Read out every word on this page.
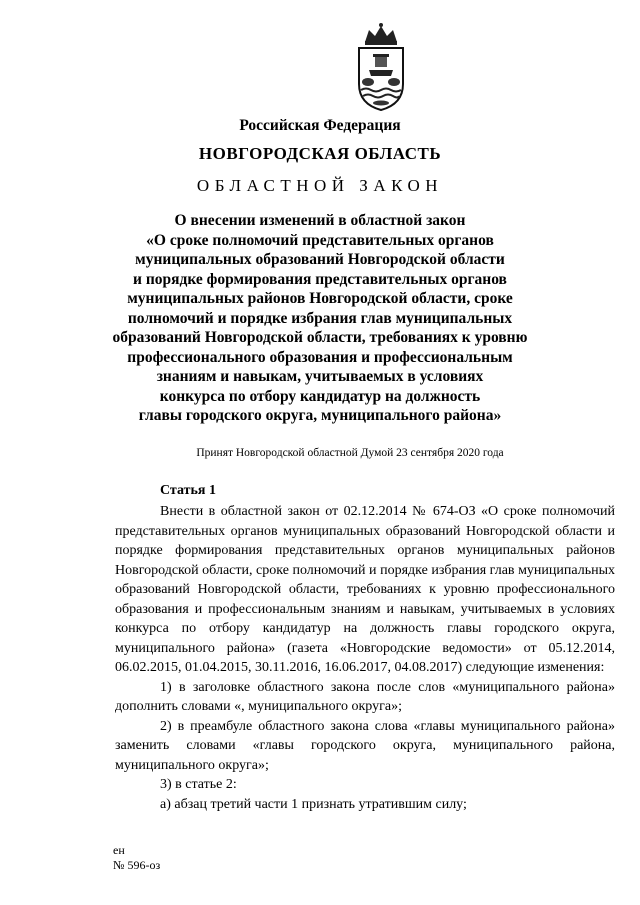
Российская Федерация
НОВГОРОДСКАЯ ОБЛАСТЬ
ОБЛАСТНОЙ ЗАКОН
О внесении изменений в областной закон
«О сроке полномочий представительных органов
муниципальных образований Новгородской области
и порядке формирования представительных органов
муниципальных районов Новгородской области, сроке
полномочий и порядке избрания глав муниципальных
образований Новгородской области, требованиях к уровню
профессионального образования и профессиональным
знаниям и навыкам, учитываемых в условиях
конкурса по отбору кандидатур на должность
главы городского округа, муниципального района»
Принят Новгородской областной Думой 23 сентября 2020 года
Статья 1

Внести в областной закон от 02.12.2014 № 674-ОЗ «О сроке полномочий представительных органов муниципальных образований Новгородской области и порядке формирования представительных органов муниципальных районов Новгородской области, сроке полномочий и порядке избрания глав муниципальных образований Новгородской области, требованиях к уровню профессионального образования и профессиональным знаниям и навыкам, учитываемых в условиях конкурса по отбору кандидатур на должность главы городского округа, муниципального района» (газета «Новгородские ведомости» от 05.12.2014, 06.02.2015, 01.04.2015, 30.11.2016, 16.06.2017, 04.08.2017) следующие изменения:

1) в заголовке областного закона после слов «муниципального района» дополнить словами «, муниципального округа»;

2) в преамбуле областного закона слова «главы муниципального района» заменить словами «главы городского округа, муниципального района, муниципального округа»;

3) в статье 2:

а) абзац третий части 1 признать утратившим силу;

ен
№ 596-оз
